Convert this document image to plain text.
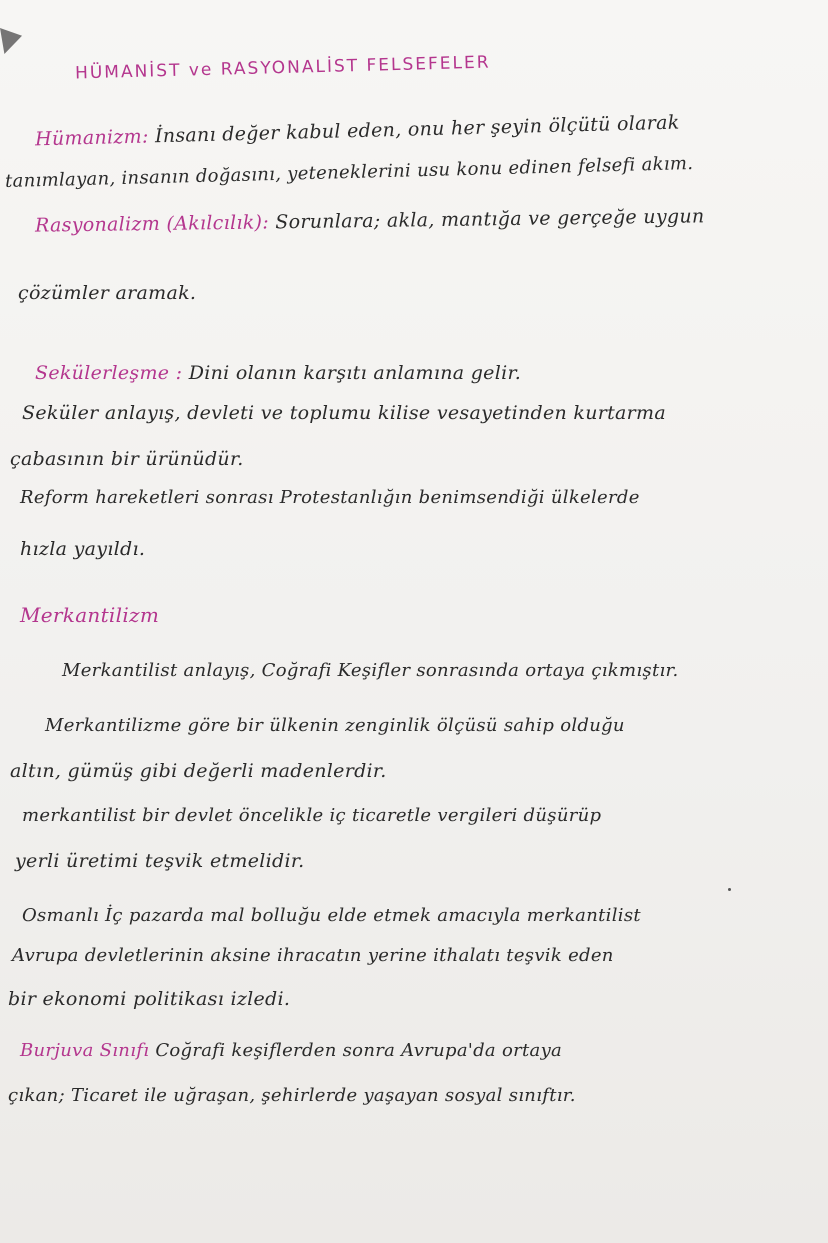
HÜMANİST ve RASYONALİST FELSEFELER
Hümanizm: İnsanı değer kabul eden, onu her şeyin ölçütü olarak
tanımlayan, insanın doğasını, yeteneklerini usu konu edinen felsefi akım.
Rasyonalizm (Akılcılık): Sorunlara; akla, mantığa ve gerçeğe uygun
çözümler aramak.
Sekülerleşme : Dini olanın karşıtı anlamına gelir.
Seküler anlayış, devleti ve toplumu kilise vesayetinden kurtarma
çabasının bir ürünüdür.
Reform hareketleri sonrası Protestanlığın benimsendiği ülkelerde
hızla yayıldı.
Merkantilizm
Merkantilist anlayış, Coğrafi Keşifler sonrasında ortaya çıkmıştır.
Merkantilizme göre bir ülkenin zenginlik ölçüsü sahip olduğu
altın, gümüş gibi değerli madenlerdir.
merkantilist bir devlet öncelikle iç ticaretle vergileri düşürüp
yerli üretimi teşvik etmelidir.
Osmanlı İç pazarda mal bolluğu elde etmek amacıyla merkantilist
Avrupa devletlerinin aksine ihracatın yerine ithalatı teşvik eden
bir ekonomi politikası izledi.
Burjuva Sınıfı Coğrafi keşiflerden sonra Avrupa'da ortaya
çıkan; Ticaret ile uğraşan, şehirlerde yaşayan sosyal sınıftır.
